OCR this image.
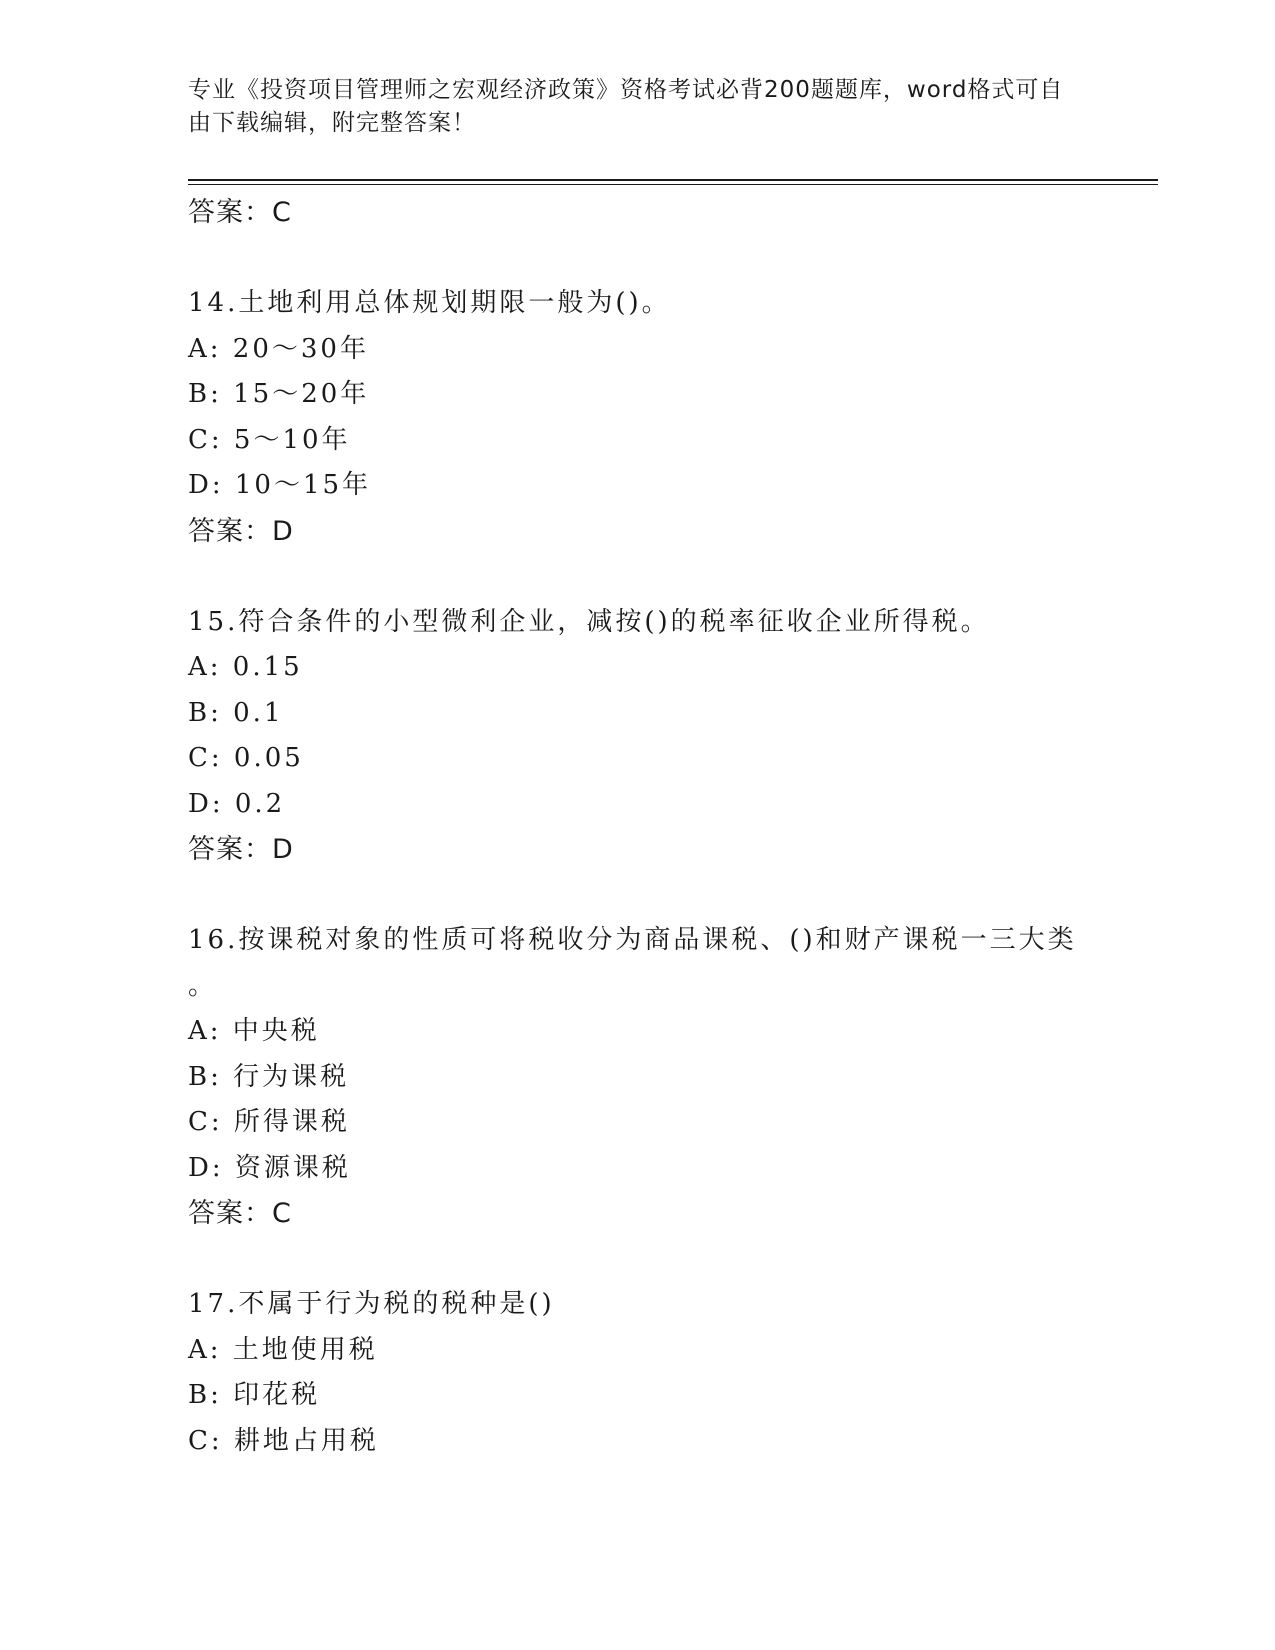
专业《投资项目管理师之宏观经济政策》资格考试必背200题题库，word格式可自由下载编辑，附完整答案！
答案：C
14.土地利用总体规划期限一般为()。
A: 20～30年
B: 15～20年
C: 5～10年
D: 10～15年
答案：D
15.符合条件的小型微利企业，减按()的税率征收企业所得税。
A: 0.15
B: 0.1
C: 0.05
D: 0.2
答案：D
16.按课税对象的性质可将税收分为商品课税、()和财产课税一三大类
。
A: 中央税
B: 行为课税
C: 所得课税
D: 资源课税
答案：C
17.不属于行为税的税种是()
A: 土地使用税
B: 印花税
C: 耕地占用税
